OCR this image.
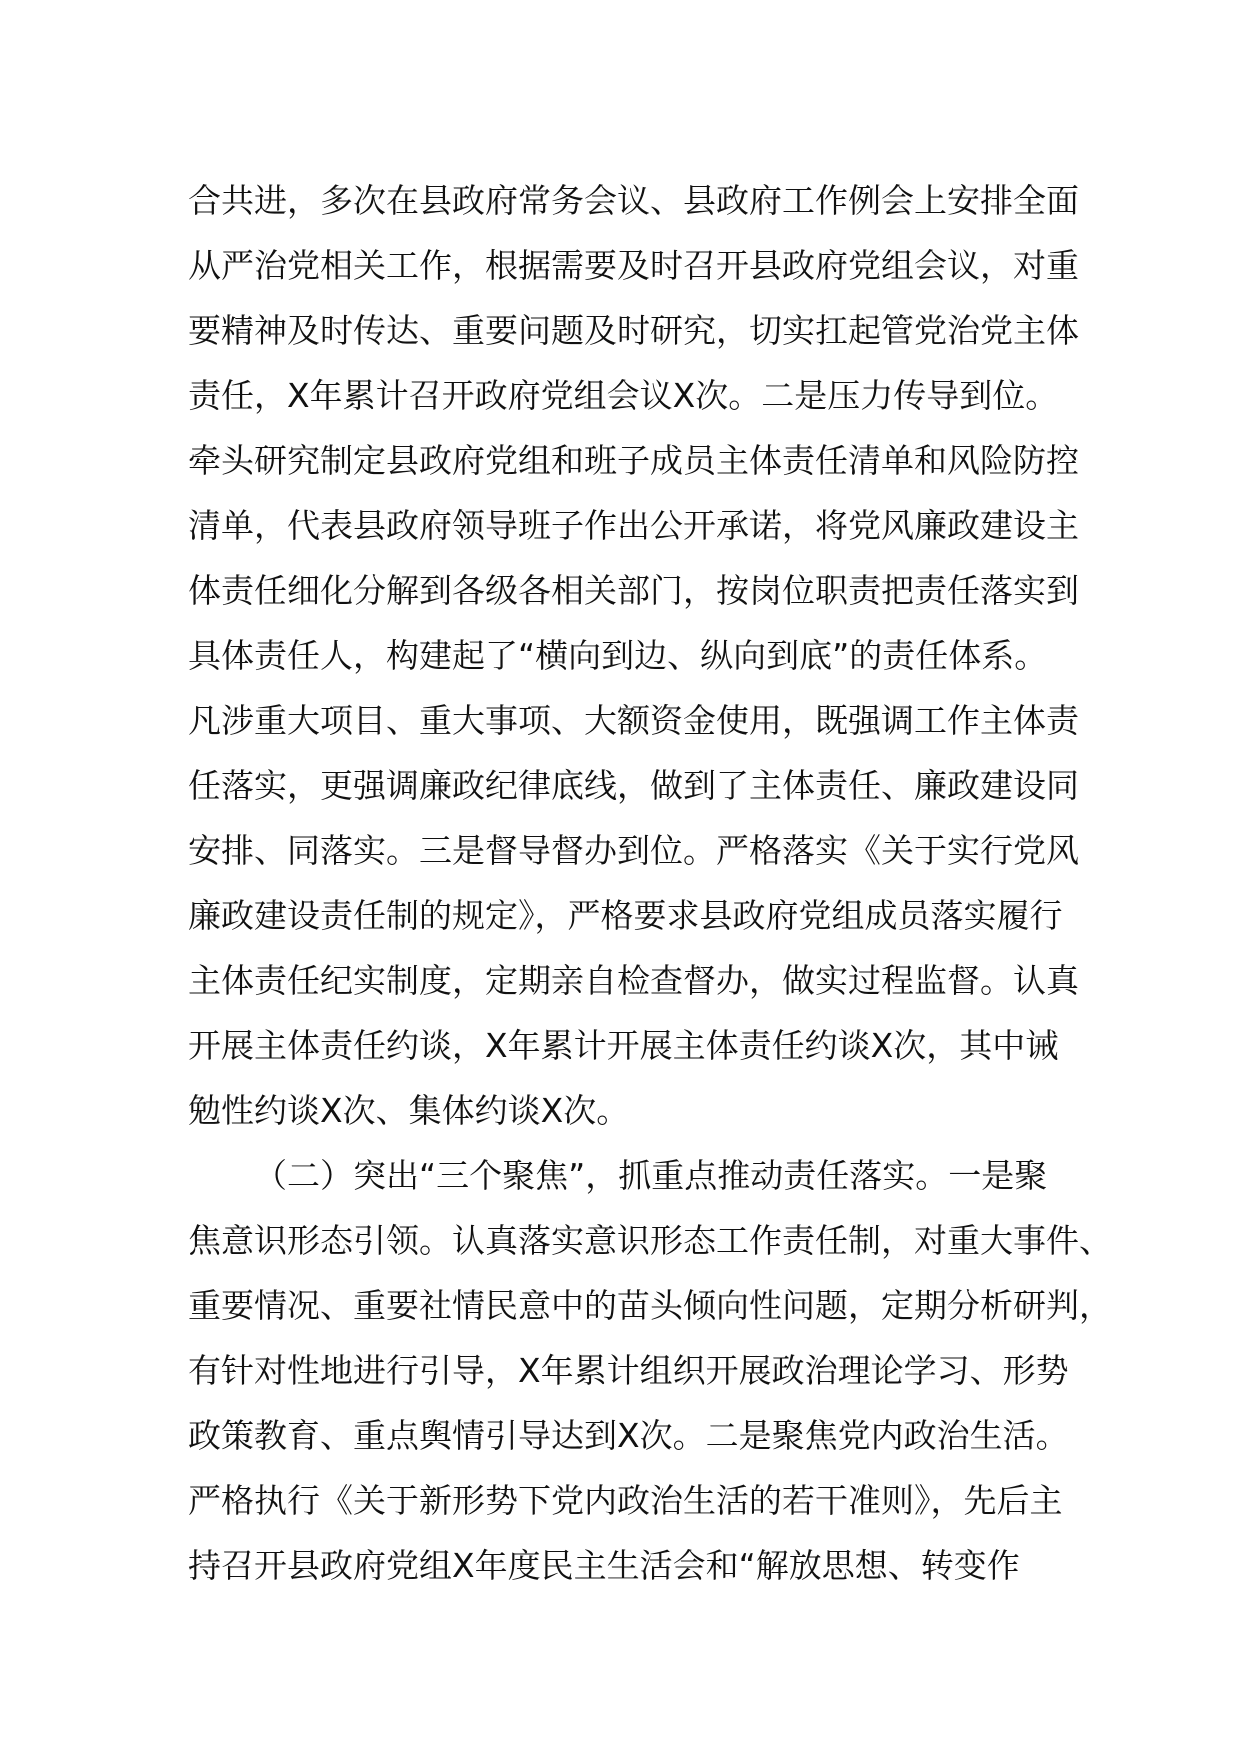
合共进，多次在县政府常务会议、县政府工作例会上安排全面
从严治党相关工作，根据需要及时召开县政府党组会议，对重
要精神及时传达、重要问题及时研究，切实扛起管党治党主体
责任，X年累计召开政府党组会议X次。二是压力传导到位。
牵头研究制定县政府党组和班子成员主体责任清单和风险防控
清单，代表县政府领导班子作出公开承诺，将党风廉政建设主
体责任细化分解到各级各相关部门，按岗位职责把责任落实到
具体责任人，构建起了“横向到边、纵向到底”的责任体系。
凡涉重大项目、重大事项、大额资金使用，既强调工作主体责
任落实，更强调廉政纪律底线，做到了主体责任、廉政建设同
安排、同落实。三是督导督办到位。严格落实《关于实行党风
廉政建设责任制的规定》，严格要求县政府党组成员落实履行
主体责任纪实制度，定期亲自检查督办，做实过程监督。认真
开展主体责任约谈，X年累计开展主体责任约谈X次，其中诫
勉性约谈X次、集体约谈X次。
（二）突出“三个聚焦”，抓重点推动责任落实。一是聚
焦意识形态引领。认真落实意识形态工作责任制，对重大事件、
重要情况、重要社情民意中的苗头倾向性问题，定期分析研判，
有针对性地进行引导，X年累计组织开展政治理论学习、形势
政策教育、重点舆情引导达到X次。二是聚焦党内政治生活。
严格执行《关于新形势下党内政治生活的若干准则》，先后主
持召开县政府党组X年度民主生活会和“解放思想、转变作
